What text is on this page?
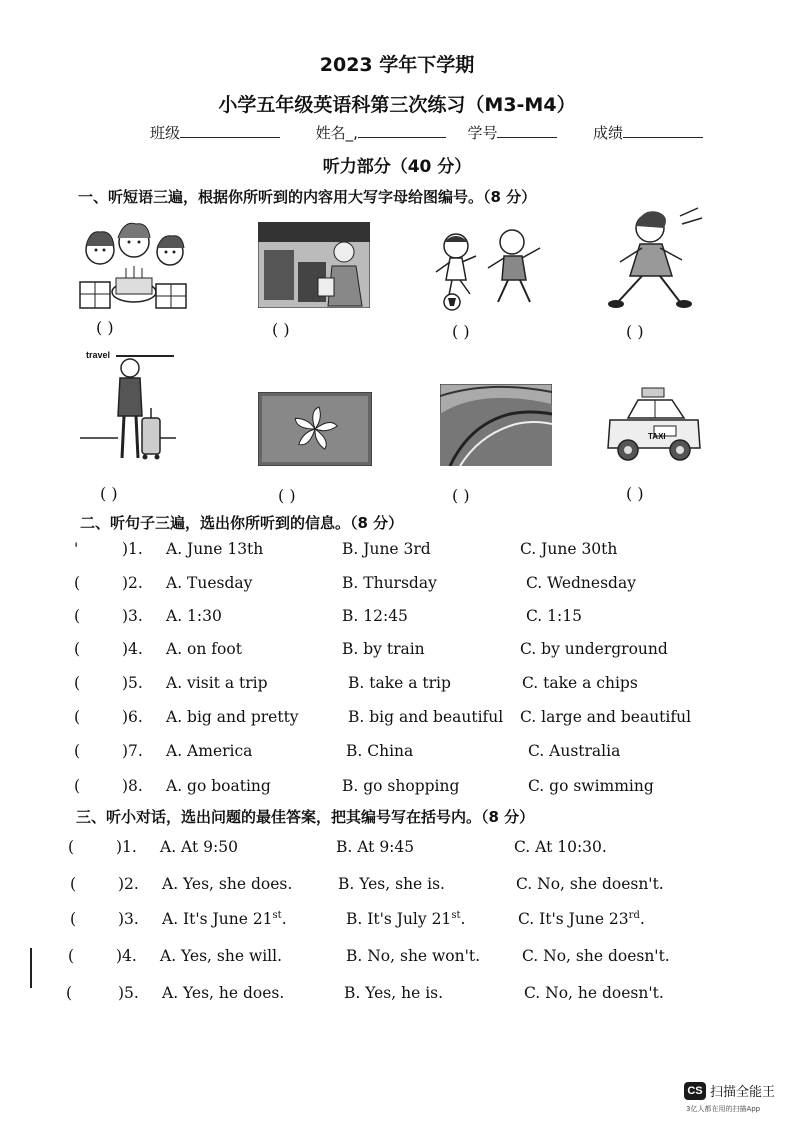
2023 学年下学期
小学五年级英语科第三次练习（M3-M4）
班级	姓名_,	学号	成绩
听力部分（40 分）
一、听短语三遍，根据你所听到的内容用大写字母给图编号。（8 分）
( )	( )	( )	( )
travel
TAXI
( )	( )	( )	( )
二、听句子三遍，选出你所听到的信息。（8 分）
'	)1. A. June 13th	B. June 3rd	C. June 30th
(	)2. A. Tuesday	B. Thursday	C. Wednesday
(	)3. A. 1:30	B. 12:45	C. 1:15
(	)4. A. on foot	B. by train	C. by underground
(	)5. A. visit a trip	B. take a trip	C. take a chips
(	)6. A. big and pretty	B. big and beautiful C. large and beautiful
(	)7. A. America	B. China	C. Australia
(	)8. A. go boating	B. go shopping	C. go swimming
三、听小对话，选出问题的最佳答案，把其编号写在括号内。（8 分）
(	)1. A. At 9:50	B. At 9:45	C. At 10:30.
(	)2. A. Yes, she does.	B. Yes, she is.	C. No, she doesn't.
(	)3. A. It's June 21st.	B. It's July 21st.	C. It's June 23rd.
(	)4. A. Yes, she will.	B. No, she won't.	C. No, she doesn't.
(	)5. A. Yes, he does.	B. Yes, he is.	C. No, he doesn't.
CS 扫描全能王
3亿人都在用的扫描App
